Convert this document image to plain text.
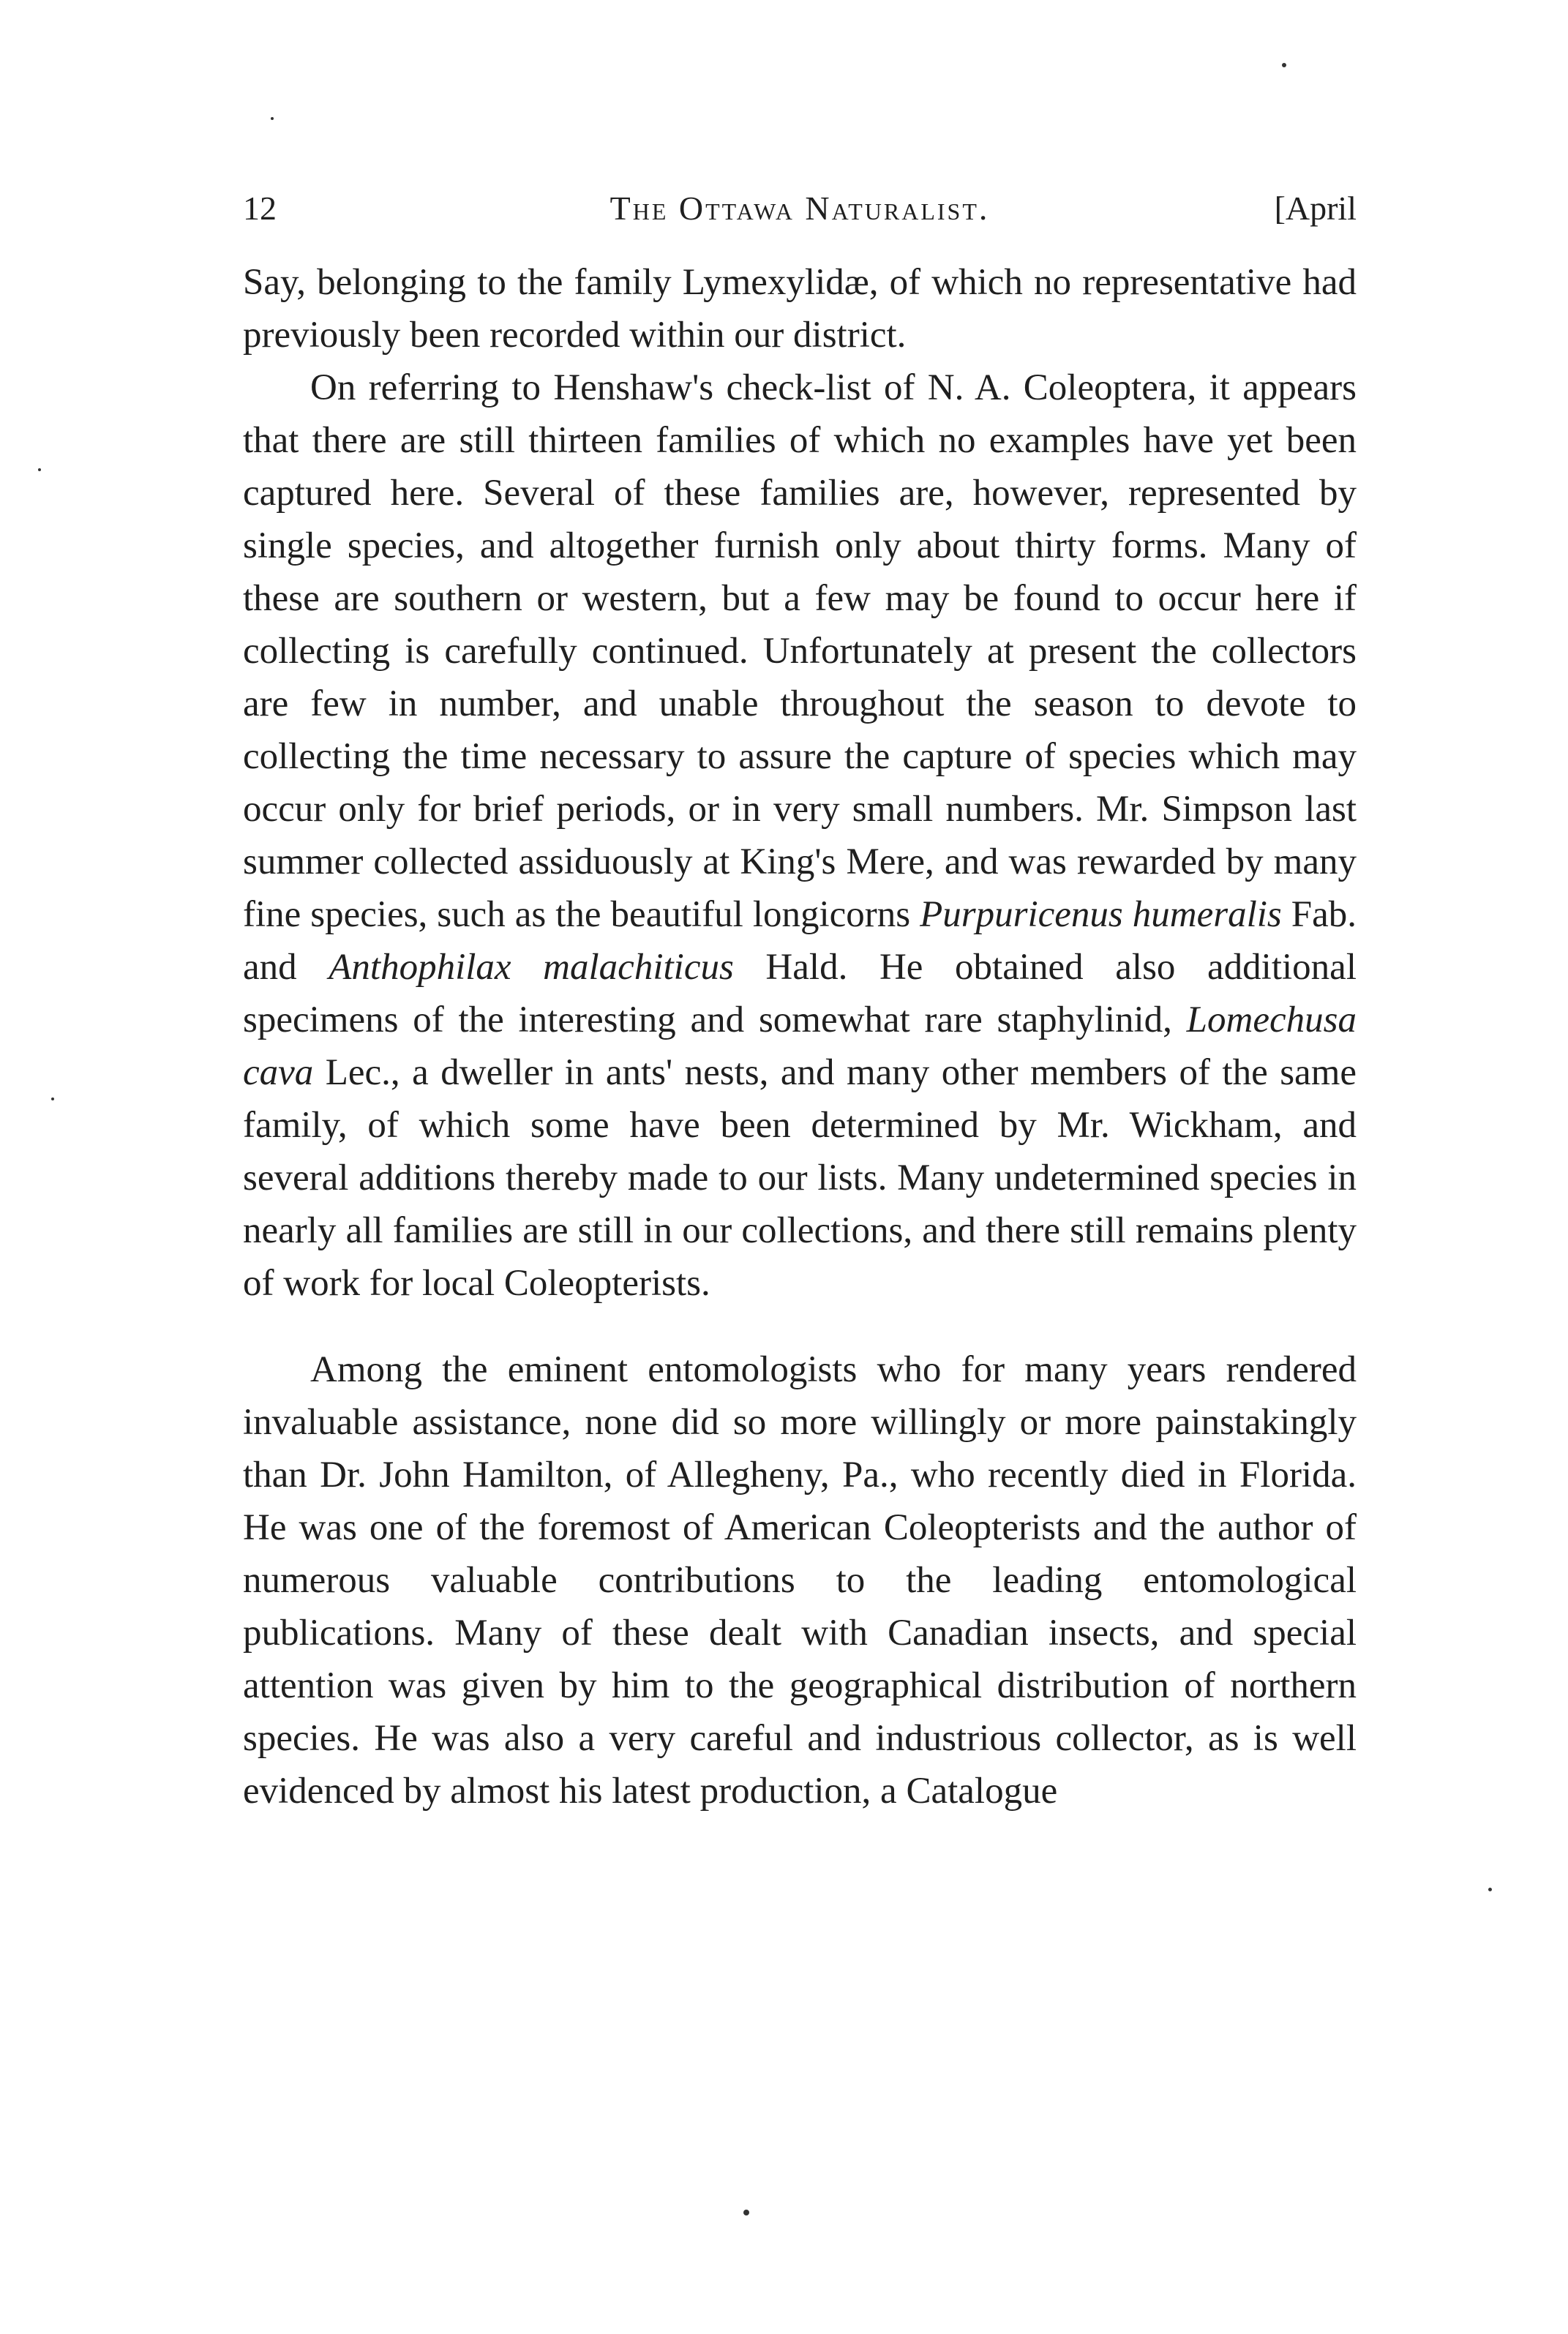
12	The Ottawa Naturalist.	[April

Say, belonging to the family Lymexylidæ, of which no representative had previously been recorded within our district.

On referring to Henshaw's check-list of N. A. Coleoptera, it appears that there are still thirteen families of which no examples have yet been captured here. Several of these families are, however, represented by single species, and altogether furnish only about thirty forms. Many of these are southern or western, but a few may be found to occur here if collecting is carefully continued. Unfortunately at present the collectors are few in number, and unable throughout the season to devote to collecting the time necessary to assure the capture of species which may occur only for brief periods, or in very small numbers. Mr. Simpson last summer collected assiduously at King's Mere, and was rewarded by many fine species, such as the beautiful longicorns Purpuricenus humeralis Fab. and Anthophilax malachiticus Hald. He obtained also additional specimens of the interesting and somewhat rare staphylinid, Lomechusa cava Lec., a dweller in ants' nests, and many other members of the same family, of which some have been determined by Mr. Wickham, and several additions thereby made to our lists. Many undetermined species in nearly all families are still in our collections, and there still remains plenty of work for local Coleopterists.

Among the eminent entomologists who for many years rendered invaluable assistance, none did so more willingly or more painstakingly than Dr. John Hamilton, of Allegheny, Pa., who recently died in Florida. He was one of the foremost of American Coleopterists and the author of numerous valuable contributions to the leading entomological publications. Many of these dealt with Canadian insects, and special attention was given by him to the geographical distribution of northern species. He was also a very careful and industrious collector, as is well evidenced by almost his latest production, a Catalogue
